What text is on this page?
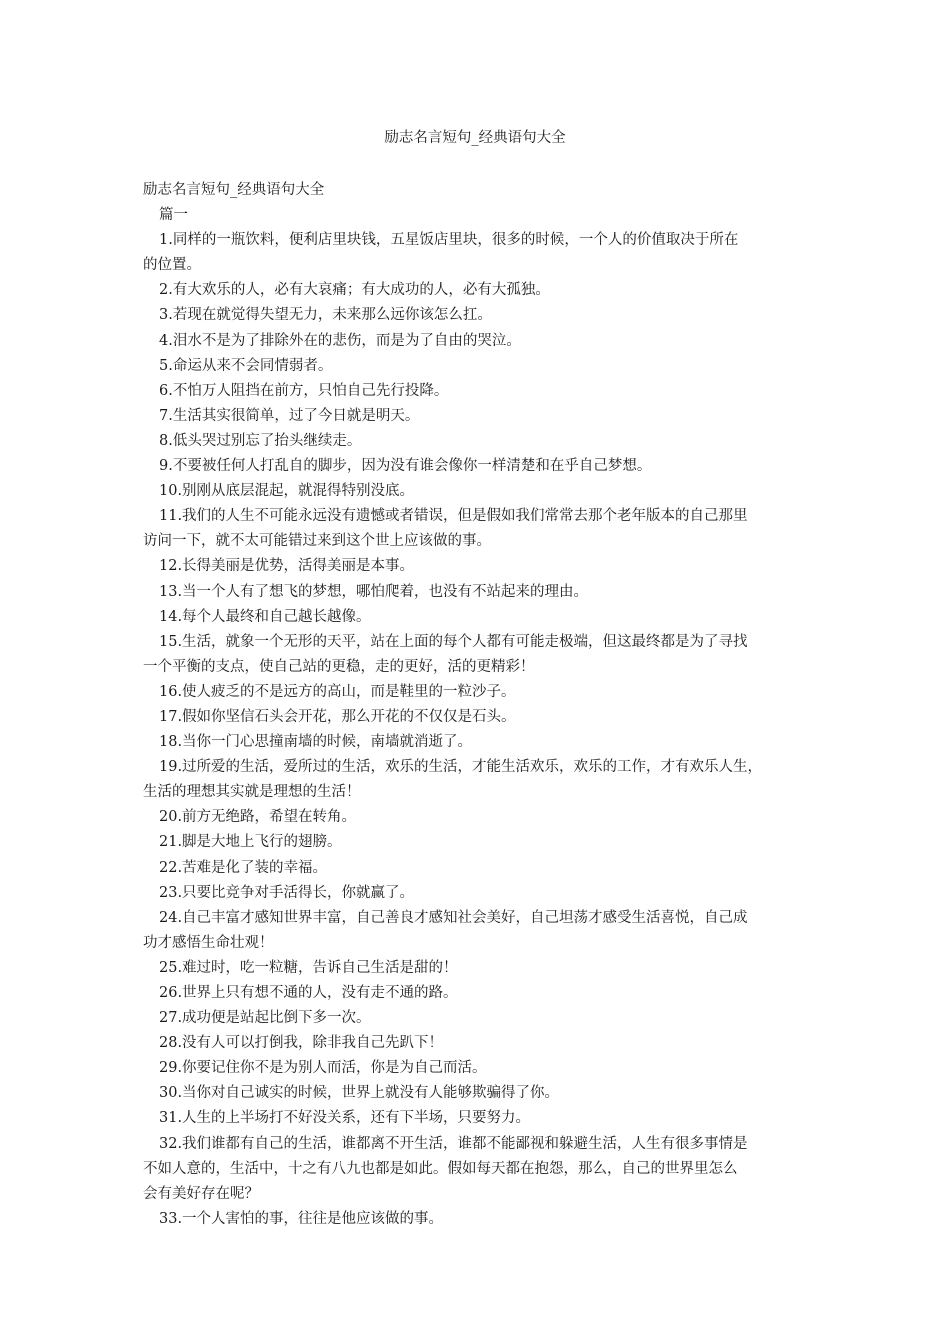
励志名言短句_经典语句大全

励志名言短句_经典语句大全

篇一

1.同样的一瓶饮料，便利店里块钱，五星饭店里块，很多的时候，一个人的价值取决于所在

的位置。

2.有大欢乐的人，必有大哀痛；有大成功的人，必有大孤独。

3.若现在就觉得失望无力，未来那么远你该怎么扛。

4.泪水不是为了排除外在的悲伤，而是为了自由的哭泣。

5.命运从来不会同情弱者。

6.不怕万人阻挡在前方，只怕自己先行投降。

7.生活其实很简单，过了今日就是明天。

8.低头哭过别忘了抬头继续走。

9.不要被任何人打乱自的脚步，因为没有谁会像你一样清楚和在乎自己梦想。

10.别刚从底层混起，就混得特别没底。

11.我们的人生不可能永远没有遗憾或者错误，但是假如我们常常去那个老年版本的自己那里

访问一下，就不太可能错过来到这个世上应该做的事。

12.长得美丽是优势，活得美丽是本事。

13.当一个人有了想飞的梦想，哪怕爬着，也没有不站起来的理由。

14.每个人最终和自己越长越像。

15.生活，就象一个无形的天平，站在上面的每个人都有可能走极端，但这最终都是为了寻找

一个平衡的支点，使自己站的更稳，走的更好，活的更精彩！

16.使人疲乏的不是远方的高山，而是鞋里的一粒沙子。

17.假如你坚信石头会开花，那么开花的不仅仅是石头。

18.当你一门心思撞南墙的时候，南墙就消逝了。

19.过所爱的生活，爱所过的生活，欢乐的生活，才能生活欢乐，欢乐的工作，才有欢乐人生，

生活的理想其实就是理想的生活！

20.前方无绝路，希望在转角。

21.脚是大地上飞行的翅膀。

22.苦难是化了装的幸福。

23.只要比竞争对手活得长，你就赢了。

24.自己丰富才感知世界丰富，自己善良才感知社会美好，自己坦荡才感受生活喜悦，自己成

功才感悟生命壮观！

25.难过时，吃一粒糖，告诉自己生活是甜的！

26.世界上只有想不通的人，没有走不通的路。

27.成功便是站起比倒下多一次。

28.没有人可以打倒我，除非我自己先趴下！

29.你要记住你不是为别人而活，你是为自己而活。

30.当你对自己诚实的时候，世界上就没有人能够欺骗得了你。

31.人生的上半场打不好没关系，还有下半场，只要努力。

32.我们谁都有自己的生活，谁都离不开生活，谁都不能鄙视和躲避生活，人生有很多事情是

不如人意的，生活中，十之有八九也都是如此。假如每天都在抱怨，那么，自己的世界里怎么

会有美好存在呢？

33.一个人害怕的事，往往是他应该做的事。
